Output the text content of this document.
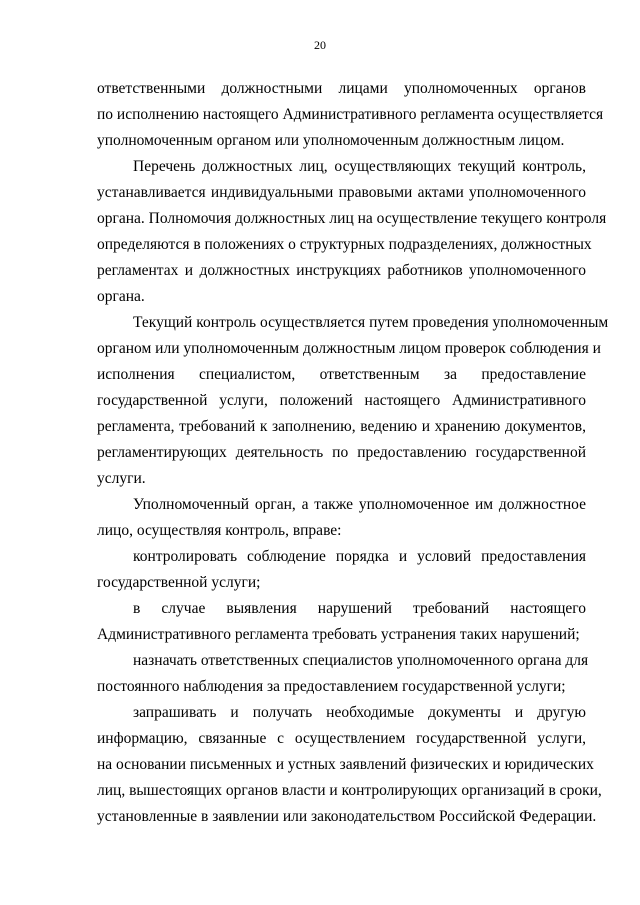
20
ответственными должностными лицами уполномоченных органов
по исполнению настоящего Административного регламента осуществляется
уполномоченным органом или уполномоченным должностным лицом.
Перечень должностных лиц, осуществляющих текущий контроль,
устанавливается индивидуальными правовыми актами уполномоченного
органа. Полномочия должностных лиц на осуществление текущего контроля
определяются в положениях о структурных подразделениях, должностных
регламентах и должностных инструкциях работников уполномоченного
органа.
Текущий контроль осуществляется путем проведения уполномоченным
органом или уполномоченным должностным лицом проверок соблюдения и
исполнения специалистом, ответственным за предоставление
государственной услуги, положений настоящего Административного
регламента, требований к заполнению, ведению и хранению документов,
регламентирующих деятельность по предоставлению государственной
услуги.
Уполномоченный орган, а также уполномоченное им должностное
лицо, осуществляя контроль, вправе:
контролировать соблюдение порядка и условий предоставления
государственной услуги;
в случае выявления нарушений требований настоящего
Административного регламента требовать устранения таких нарушений;
назначать ответственных специалистов уполномоченного органа для
постоянного наблюдения за предоставлением государственной услуги;
запрашивать и получать необходимые документы и другую
информацию, связанные с осуществлением государственной услуги,
на основании письменных и устных заявлений физических и юридических
лиц, вышестоящих органов власти и контролирующих организаций в сроки,
установленные в заявлении или законодательством Российской Федерации.
